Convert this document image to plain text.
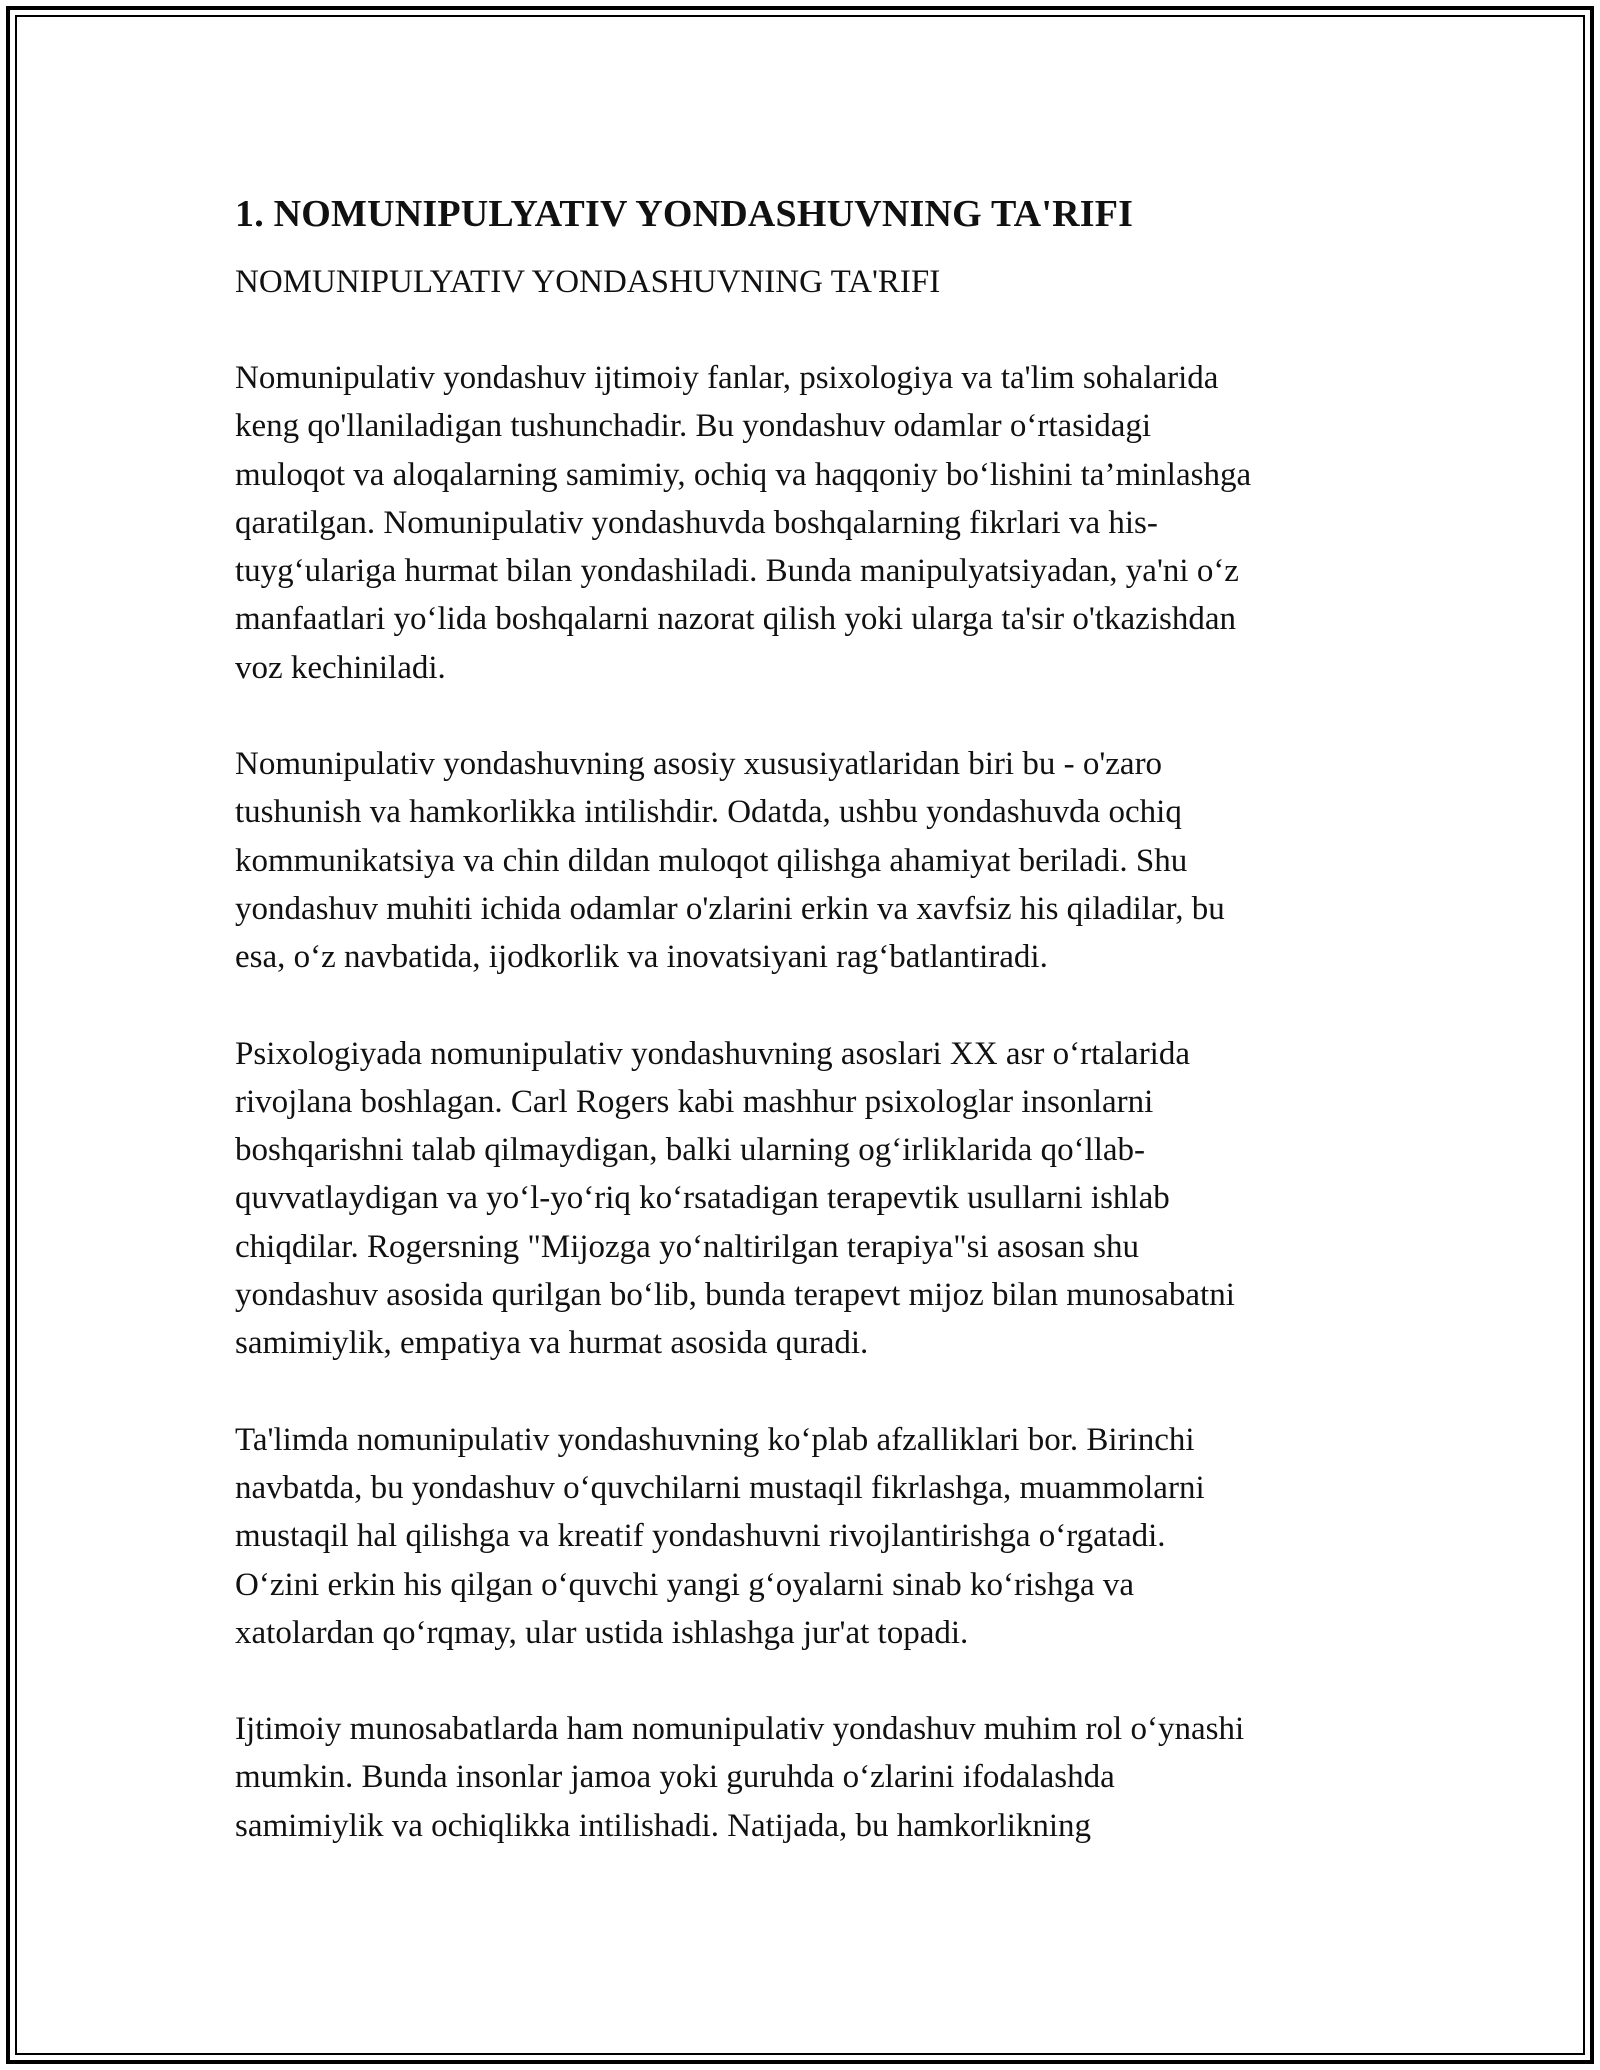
1. NOMUNIPULYATIV YONDASHUVNING TA'RIFI
NOMUNIPULYATIV YONDASHUVNING TA'RIFI
Nomunipulativ yondashuv ijtimoiy fanlar, psixologiya va ta'lim sohalarida
keng qo'llaniladigan tushunchadir. Bu yondashuv odamlar o‘rtasidagi
muloqot va aloqalarning samimiy, ochiq va haqqoniy bo‘lishini ta’minlashga
qaratilgan. Nomunipulativ yondashuvda boshqalarning fikrlari va his-
tuyg‘ulariga hurmat bilan yondashiladi. Bunda manipulyatsiyadan, ya'ni o‘z
manfaatlari yo‘lida boshqalarni nazorat qilish yoki ularga ta'sir o'tkazishdan
voz kechiniladi.
Nomunipulativ yondashuvning asosiy xususiyatlaridan biri bu - o'zaro
tushunish va hamkorlikka intilishdir. Odatda, ushbu yondashuvda ochiq
kommunikatsiya va chin dildan muloqot qilishga ahamiyat beriladi. Shu
yondashuv muhiti ichida odamlar o'zlarini erkin va xavfsiz his qiladilar, bu
esa, o‘z navbatida, ijodkorlik va inovatsiyani rag‘batlantiradi.
Psixologiyada nomunipulativ yondashuvning asoslari XX asr o‘rtalarida
rivojlana boshlagan. Carl Rogers kabi mashhur psixologlar insonlarni
boshqarishni talab qilmaydigan, balki ularning og‘irliklarida qo‘llab-
quvvatlaydigan va yo‘l-yo‘riq ko‘rsatadigan terapevtik usullarni ishlab
chiqdilar. Rogersning "Mijozga yo‘naltirilgan terapiya"si asosan shu
yondashuv asosida qurilgan bo‘lib, bunda terapevt mijoz bilan munosabatni
samimiylik, empatiya va hurmat asosida quradi.
Ta'limda nomunipulativ yondashuvning ko‘plab afzalliklari bor. Birinchi
navbatda, bu yondashuv o‘quvchilarni mustaqil fikrlashga, muammolarni
mustaqil hal qilishga va kreatif yondashuvni rivojlantirishga o‘rgatadi.
O‘zini erkin his qilgan o‘quvchi yangi g‘oyalarni sinab ko‘rishga va
xatolardan qo‘rqmay, ular ustida ishlashga jur'at topadi.
Ijtimoiy munosabatlarda ham nomunipulativ yondashuv muhim rol o‘ynashi
mumkin. Bunda insonlar jamoa yoki guruhda o‘zlarini ifodalashda
samimiylik va ochiqlikka intilishadi. Natijada, bu hamkorlikning
